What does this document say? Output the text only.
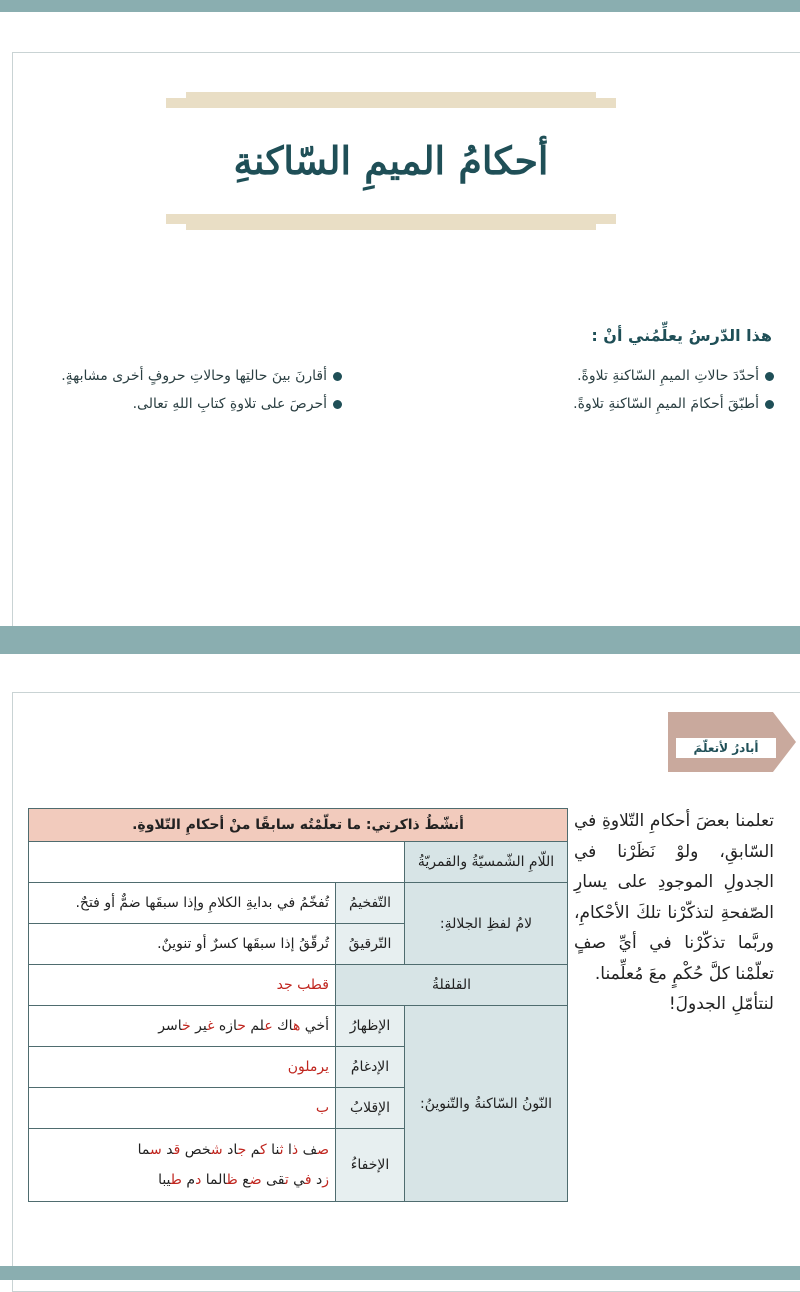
أحكامُ الميمِ السّاكنةِ
هذا الدّرسُ يعلِّمُني أنْ :
أحدّدَ حالاتِ الميمِ السّاكنةِ تلاوةً.
أطبّقَ أحكامَ الميمِ السّاكنةِ تلاوةً.
أقارنَ بينَ حالتِها وحالاتِ حروفٍ أخرى مشابهةٍ.
أحرصَ على تلاوةِ كتابِ اللهِ تعالى.
أبادرُ لأتعلّمَ
تعلمنا بعضَ أحكامِ التّلاوةِ في السّابقِ، ولوْ نَظَرْنا في الجدولِ الموجودِ على يسارِ الصّفحةِ لتذكّرْنا تلكَ الأحْكامِ، وربَّما تذكّرْنا في أيِّ صفٍ تعلّمْنا كلَّ حُكْمٍ معَ مُعلِّمنا.
لنتأمّلِ الجدولَ!
أنشّطُ ذاكرتي: ما تعلّمْتُه سابقًا منْ أحكامِ التّلاوةِ.		
اللّامِ الشّمسيّةُ والقمريّةُ		
لامُ لفظِ الجلالةِ:	التّفخيمُ	تُفخّمُ في بدايةِ الكلامِ وإذا سبقَها ضمٌّ أو فتحٌ.
	التّرقيقُ	تُرقّقُ إذا سبقَها كسرٌ أو تنوينٌ.
القلقلةُ		قطب جد
النّونُ السّاكنةُ والتّنوينُ:	الإظهارُ	أخي هاك علم حازه غير خاسر
	الإدغامُ	يرملون
	الإقلابُ	ب
	الإخفاءُ	صف ذا ثنا كم جاد شخص قد سما
زد في تقى ضع ظالما دم طيبا
